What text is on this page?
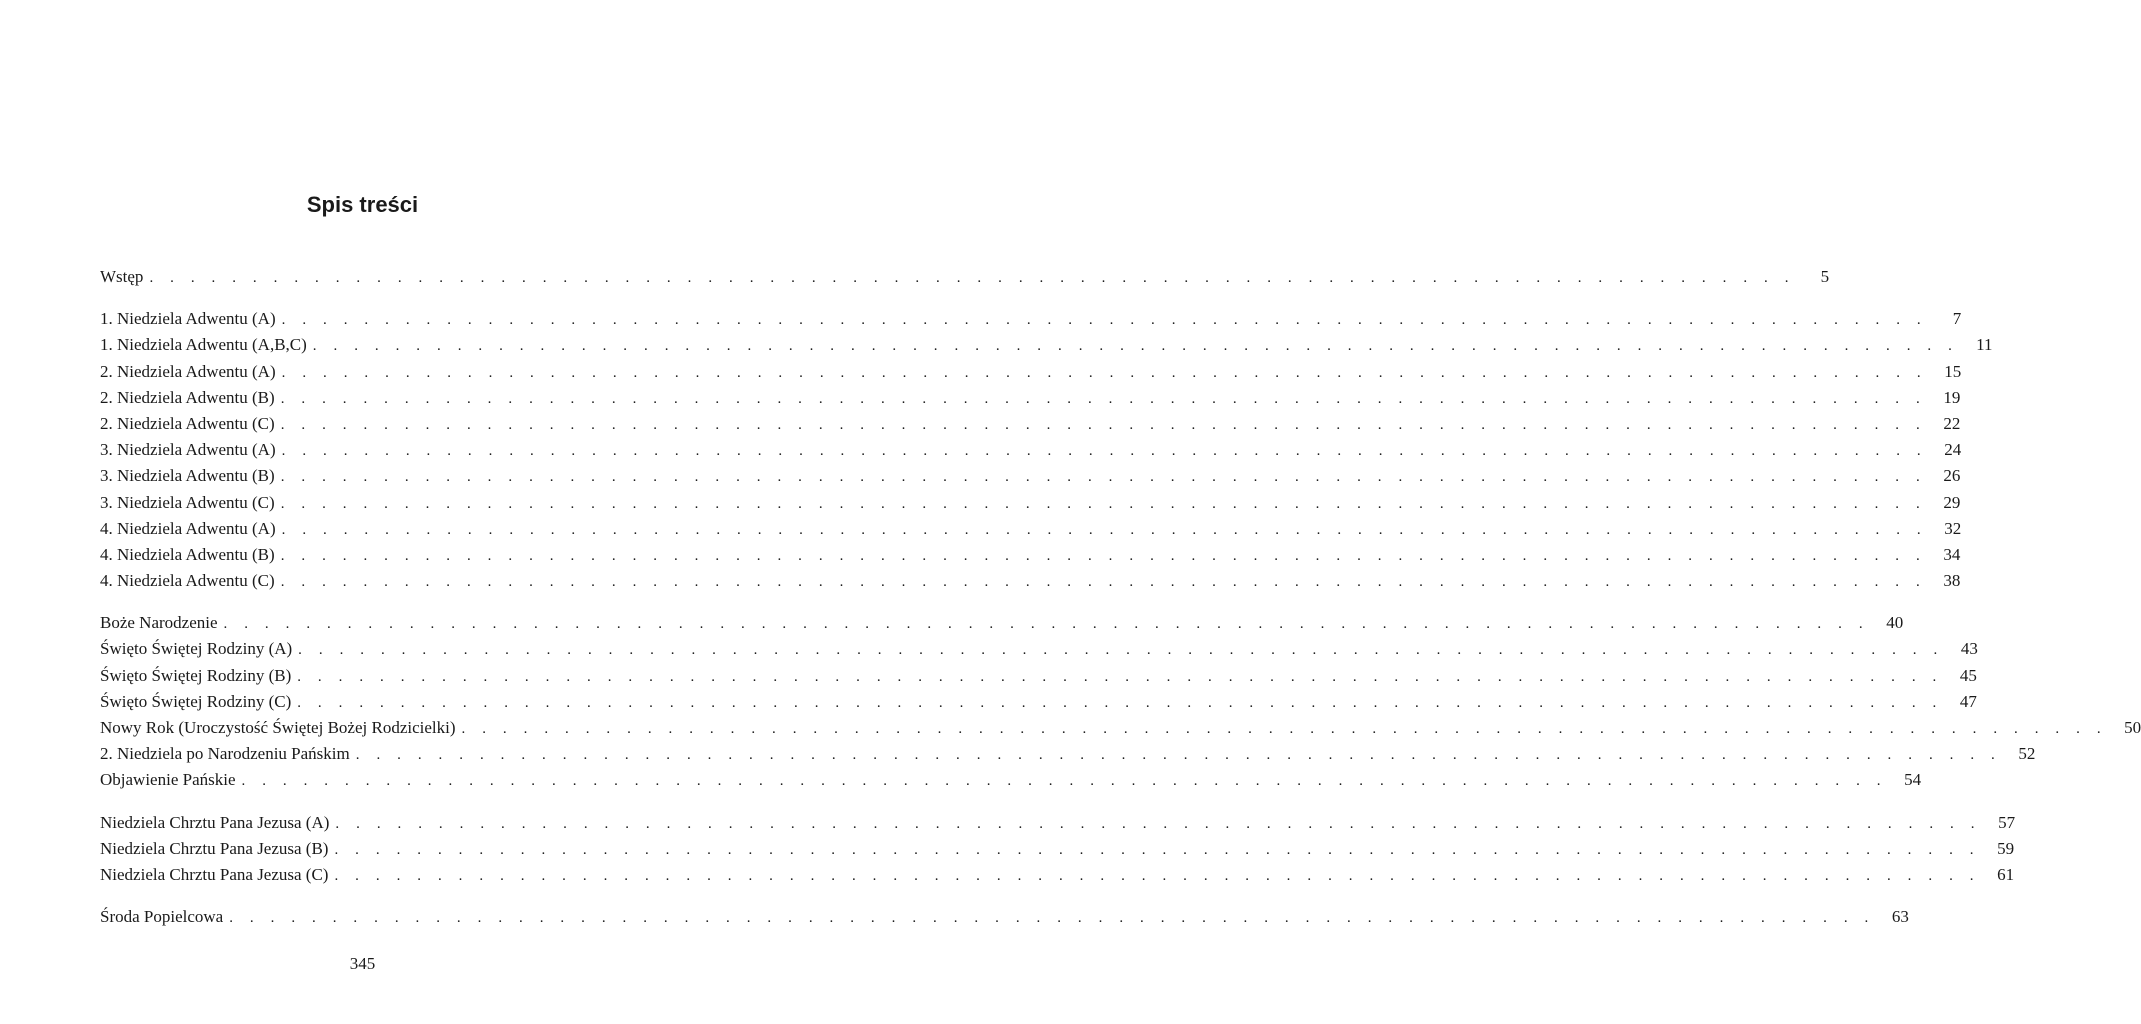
Spis treści
Wstęp . . . . . . . . . . . . . . . . . . . . . . . . . . . . . . . . . . . . . . . . . . . . . . . . . . . . . . . . . . . . . . . . . . . . . . . . . . . . . . . .	5
1. Niedziela Adwentu (A) . . . . . . . . . . . . . . . . . . . . . . . . . . . . . . . . . . . . . . . . . . . . . . . . . . . . . . . . . . . . . . . . . . . . . . . . . . . . . . . .	7
1. Niedziela Adwentu (A,B,C) . . . . . . . . . . . . . . . . . . . . . . . . . . . . . . . . . . . . . . . . . . . . . . . . . . . . . . . . . . . . . . . . . . . . . . . . . . . . . . . .	11
2. Niedziela Adwentu (A) . . . . . . . . . . . . . . . . . . . . . . . . . . . . . . . . . . . . . . . . . . . . . . . . . . . . . . . . . . . . . . . . . . . . . . . . . . . . . . . .	15
2. Niedziela Adwentu (B) . . . . . . . . . . . . . . . . . . . . . . . . . . . . . . . . . . . . . . . . . . . . . . . . . . . . . . . . . . . . . . . . . . . . . . . . . . . . . . . .	19
2. Niedziela Adwentu (C) . . . . . . . . . . . . . . . . . . . . . . . . . . . . . . . . . . . . . . . . . . . . . . . . . . . . . . . . . . . . . . . . . . . . . . . . . . . . . . . .	22
3. Niedziela Adwentu (A) . . . . . . . . . . . . . . . . . . . . . . . . . . . . . . . . . . . . . . . . . . . . . . . . . . . . . . . . . . . . . . . . . . . . . . . . . . . . . . . .	24
3. Niedziela Adwentu (B) . . . . . . . . . . . . . . . . . . . . . . . . . . . . . . . . . . . . . . . . . . . . . . . . . . . . . . . . . . . . . . . . . . . . . . . . . . . . . . . .	26
3. Niedziela Adwentu (C) . . . . . . . . . . . . . . . . . . . . . . . . . . . . . . . . . . . . . . . . . . . . . . . . . . . . . . . . . . . . . . . . . . . . . . . . . . . . . . . .	29
4. Niedziela Adwentu (A) . . . . . . . . . . . . . . . . . . . . . . . . . . . . . . . . . . . . . . . . . . . . . . . . . . . . . . . . . . . . . . . . . . . . . . . . . . . . . . . .	32
4. Niedziela Adwentu (B) . . . . . . . . . . . . . . . . . . . . . . . . . . . . . . . . . . . . . . . . . . . . . . . . . . . . . . . . . . . . . . . . . . . . . . . . . . . . . . . .	34
4. Niedziela Adwentu (C) . . . . . . . . . . . . . . . . . . . . . . . . . . . . . . . . . . . . . . . . . . . . . . . . . . . . . . . . . . . . . . . . . . . . . . . . . . . . . . . .	38
Boże Narodzenie . . . . . . . . . . . . . . . . . . . . . . . . . . . . . . . . . . . . . . . . . . . . . . . . . . . . . . . . . . . . . . . . . . . . . . . . . . . . . . . .	40
Święto Świętej Rodziny (A) . . . . . . . . . . . . . . . . . . . . . . . . . . . . . . . . . . . . . . . . . . . . . . . . . . . . . . . . . . . . . . . . . . . . . . . . . . . . . . . .	43
Święto Świętej Rodziny (B) . . . . . . . . . . . . . . . . . . . . . . . . . . . . . . . . . . . . . . . . . . . . . . . . . . . . . . . . . . . . . . . . . . . . . . . . . . . . . . . .	45
Święto Świętej Rodziny (C) . . . . . . . . . . . . . . . . . . . . . . . . . . . . . . . . . . . . . . . . . . . . . . . . . . . . . . . . . . . . . . . . . . . . . . . . . . . . . . . .	47
Nowy Rok (Uroczystość Świętej Bożej Rodzicielki) . . . . . . . . . . . . . . . . . . . . . . . . . . . . . . . . . . . . . . . . . . . . . . . . . . . . . . . . . . . . . . . . . . . . . . . . . . . . . . . .	50
2. Niedziela po Narodzeniu Pańskim . . . . . . . . . . . . . . . . . . . . . . . . . . . . . . . . . . . . . . . . . . . . . . . . . . . . . . . . . . . . . . . . . . . . . . . . . . . . . . . .	52
Objawienie Pańskie . . . . . . . . . . . . . . . . . . . . . . . . . . . . . . . . . . . . . . . . . . . . . . . . . . . . . . . . . . . . . . . . . . . . . . . . . . . . . . . .	54
Niedziela Chrztu Pana Jezusa (A) . . . . . . . . . . . . . . . . . . . . . . . . . . . . . . . . . . . . . . . . . . . . . . . . . . . . . . . . . . . . . . . . . . . . . . . . . . . . . . . .	57
Niedziela Chrztu Pana Jezusa (B) . . . . . . . . . . . . . . . . . . . . . . . . . . . . . . . . . . . . . . . . . . . . . . . . . . . . . . . . . . . . . . . . . . . . . . . . . . . . . . . .	59
Niedziela Chrztu Pana Jezusa (C) . . . . . . . . . . . . . . . . . . . . . . . . . . . . . . . . . . . . . . . . . . . . . . . . . . . . . . . . . . . . . . . . . . . . . . . . . . . . . . . .	61
Środa Popielcowa . . . . . . . . . . . . . . . . . . . . . . . . . . . . . . . . . . . . . . . . . . . . . . . . . . . . . . . . . . . . . . . . . . . . . . . . . . . . . . . .	63
345
